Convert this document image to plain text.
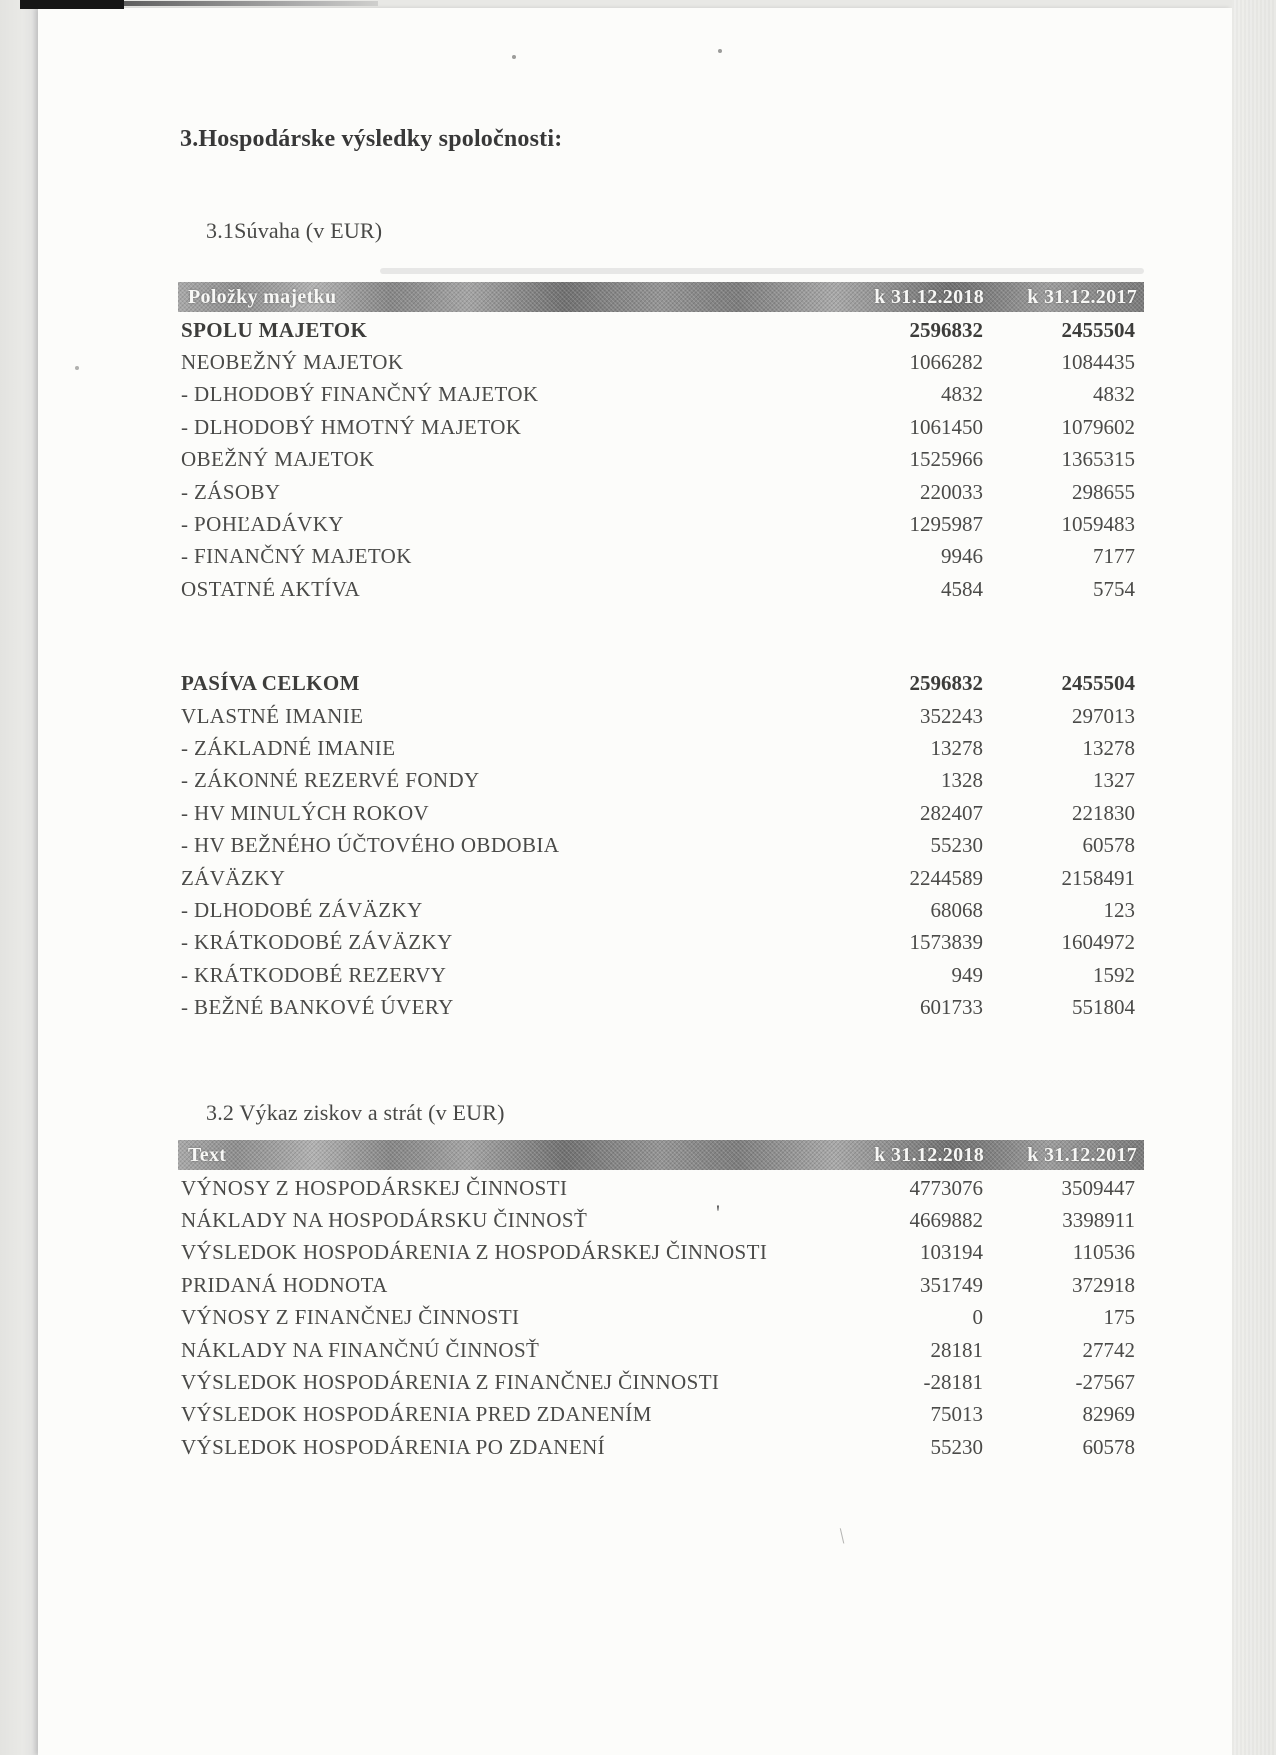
'
\
3.Hospodárske výsledky spoločnosti:
3.1Súvaha (v EUR)
Položky majetku	k 31.12.2018	k 31.12.2017
SPOLU MAJETOK	2596832	2455504
NEOBEŽNÝ MAJETOK	1066282	1084435
- DLHODOBÝ FINANČNÝ MAJETOK	4832	4832
- DLHODOBÝ HMOTNÝ MAJETOK	1061450	1079602
OBEŽNÝ MAJETOK	1525966	1365315
- ZÁSOBY	220033	298655
- POHĽADÁVKY	1295987	1059483
- FINANČNÝ MAJETOK	9946	7177
OSTATNÉ AKTÍVA	4584	5754
PASÍVA CELKOM	2596832	2455504
VLASTNÉ IMANIE	352243	297013
- ZÁKLADNÉ IMANIE	13278	13278
- ZÁKONNÉ REZERVÉ FONDY	1328	1327
- HV MINULÝCH ROKOV	282407	221830
- HV BEŽNÉHO ÚČTOVÉHO OBDOBIA	55230	60578
ZÁVÄZKY	2244589	2158491
- DLHODOBÉ ZÁVÄZKY	68068	123
- KRÁTKODOBÉ ZÁVÄZKY	1573839	1604972
- KRÁTKODOBÉ REZERVY	949	1592
- BEŽNÉ BANKOVÉ ÚVERY	601733	551804
3.2 Výkaz ziskov a strát (v EUR)
Text	k 31.12.2018	k 31.12.2017
VÝNOSY Z HOSPODÁRSKEJ ČINNOSTI	4773076	3509447
NÁKLADY NA HOSPODÁRSKU ČINNOSŤ	4669882	3398911
VÝSLEDOK HOSPODÁRENIA Z HOSPODÁRSKEJ ČINNOSTI	103194	110536
PRIDANÁ HODNOTA	351749	372918
VÝNOSY Z FINANČNEJ ČINNOSTI	0	175
NÁKLADY NA FINANČNÚ ČINNOSŤ	28181	27742
VÝSLEDOK HOSPODÁRENIA Z FINANČNEJ ČINNOSTI	-28181	-27567
VÝSLEDOK HOSPODÁRENIA PRED ZDANENÍM	75013	82969
VÝSLEDOK HOSPODÁRENIA PO ZDANENÍ	55230	60578
